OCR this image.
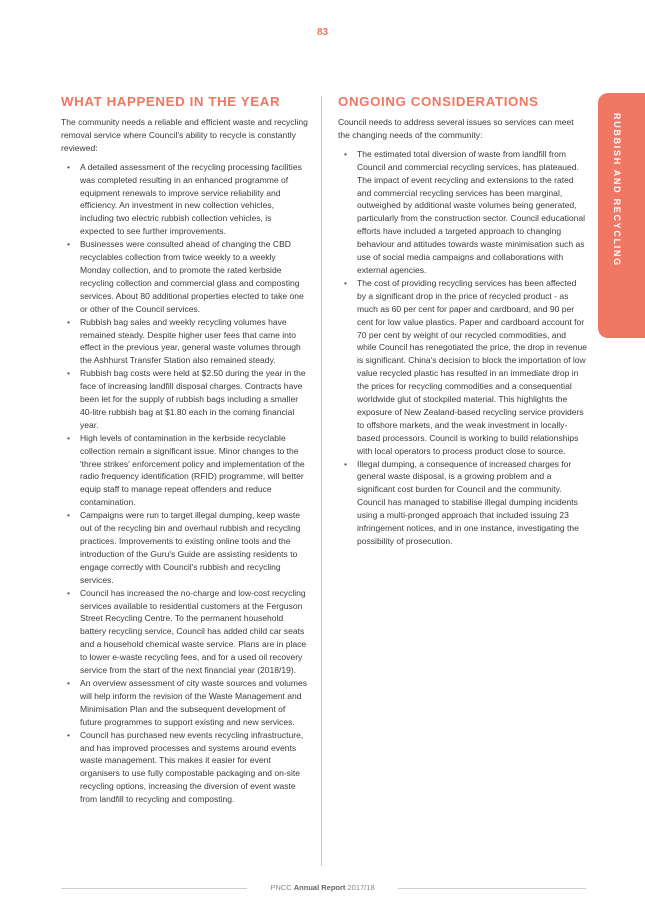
83
WHAT HAPPENED IN THE YEAR

The community needs a reliable and efficient waste and recycling removal service where Council's ability to recycle is constantly reviewed:

• A detailed assessment of the recycling processing facilities was completed resulting in an enhanced programme of equipment renewals to improve service reliability and efficiency. An investment in new collection vehicles, including two electric rubbish collection vehicles, is expected to see further improvements.
• Businesses were consulted ahead of changing the CBD recyclables collection from twice weekly to a weekly Monday collection, and to promote the rated kerbside recycling collection and commercial glass and composting services. About 80 additional properties elected to take one or other of the Council services.
• Rubbish bag sales and weekly recycling volumes have remained steady. Despite higher user fees that came into effect in the previous year, general waste volumes through the Ashhurst Transfer Station also remained steady.
• Rubbish bag costs were held at $2.50 during the year in the face of increasing landfill disposal charges. Contracts have been let for the supply of rubbish bags including a smaller 40-litre rubbish bag at $1.80 each in the coming financial year.
• High levels of contamination in the kerbside recyclable collection remain a significant issue. Minor changes to the 'three strikes' enforcement policy and implementation of the radio frequency identification (RFID) programme, will better equip staff to manage repeat offenders and reduce contamination.
• Campaigns were run to target illegal dumping, keep waste out of the recycling bin and overhaul rubbish and recycling practices. Improvements to existing online tools and the introduction of the Guru's Guide are assisting residents to engage correctly with Council's rubbish and recycling services.
• Council has increased the no-charge and low-cost recycling services available to residential customers at the Ferguson Street Recycling Centre. To the permanent household battery recycling service, Council has added child car seats and a household chemical waste service. Plans are in place to lower e-waste recycling fees, and for a used oil recovery service from the start of the next financial year (2018/19).
• An overview assessment of city waste sources and volumes will help inform the revision of the Waste Management and Minimisation Plan and the subsequent development of future programmes to support existing and new services.
• Council has purchased new events recycling infrastructure, and has improved processes and systems around events waste management. This makes it easier for event organisers to use fully compostable packaging and on-site recycling options, increasing the diversion of event waste from landfill to recycling and composting.
ONGOING CONSIDERATIONS

Council needs to address several issues so services can meet the changing needs of the community:

• The estimated total diversion of waste from landfill from Council and commercial recycling services, has plateaued. The impact of event recycling and extensions to the rated and commercial recycling services has been marginal, outweighed by additional waste volumes being generated, particularly from the construction sector. Council educational efforts have included a targeted approach to changing behaviour and attitudes towards waste minimisation such as use of social media campaigns and collaborations with external agencies.
• The cost of providing recycling services has been affected by a significant drop in the price of recycled product - as much as 60 per cent for paper and cardboard, and 90 per cent for low value plastics. Paper and cardboard account for 70 per cent by weight of our recycled commodities, and while Council has renegotiated the price, the drop in revenue is significant. China's decision to block the importation of low value recycled plastic has resulted in an immediate drop in the prices for recycling commodities and a consequential worldwide glut of stockpiled material. This highlights the exposure of New Zealand-based recycling service providers to offshore markets, and the weak investment in locally-based processors. Council is working to build relationships with local operators to process product close to source.
• Illegal dumping, a consequence of increased charges for general waste disposal, is a growing problem and a significant cost burden for Council and the community. Council has managed to stabilise illegal dumping incidents using a multi-pronged approach that included issuing 23 infringement notices, and in one instance, investigating the possibility of prosecution.
RUBBISH AND RECYCLING
PNCC Annual Report 2017/18
